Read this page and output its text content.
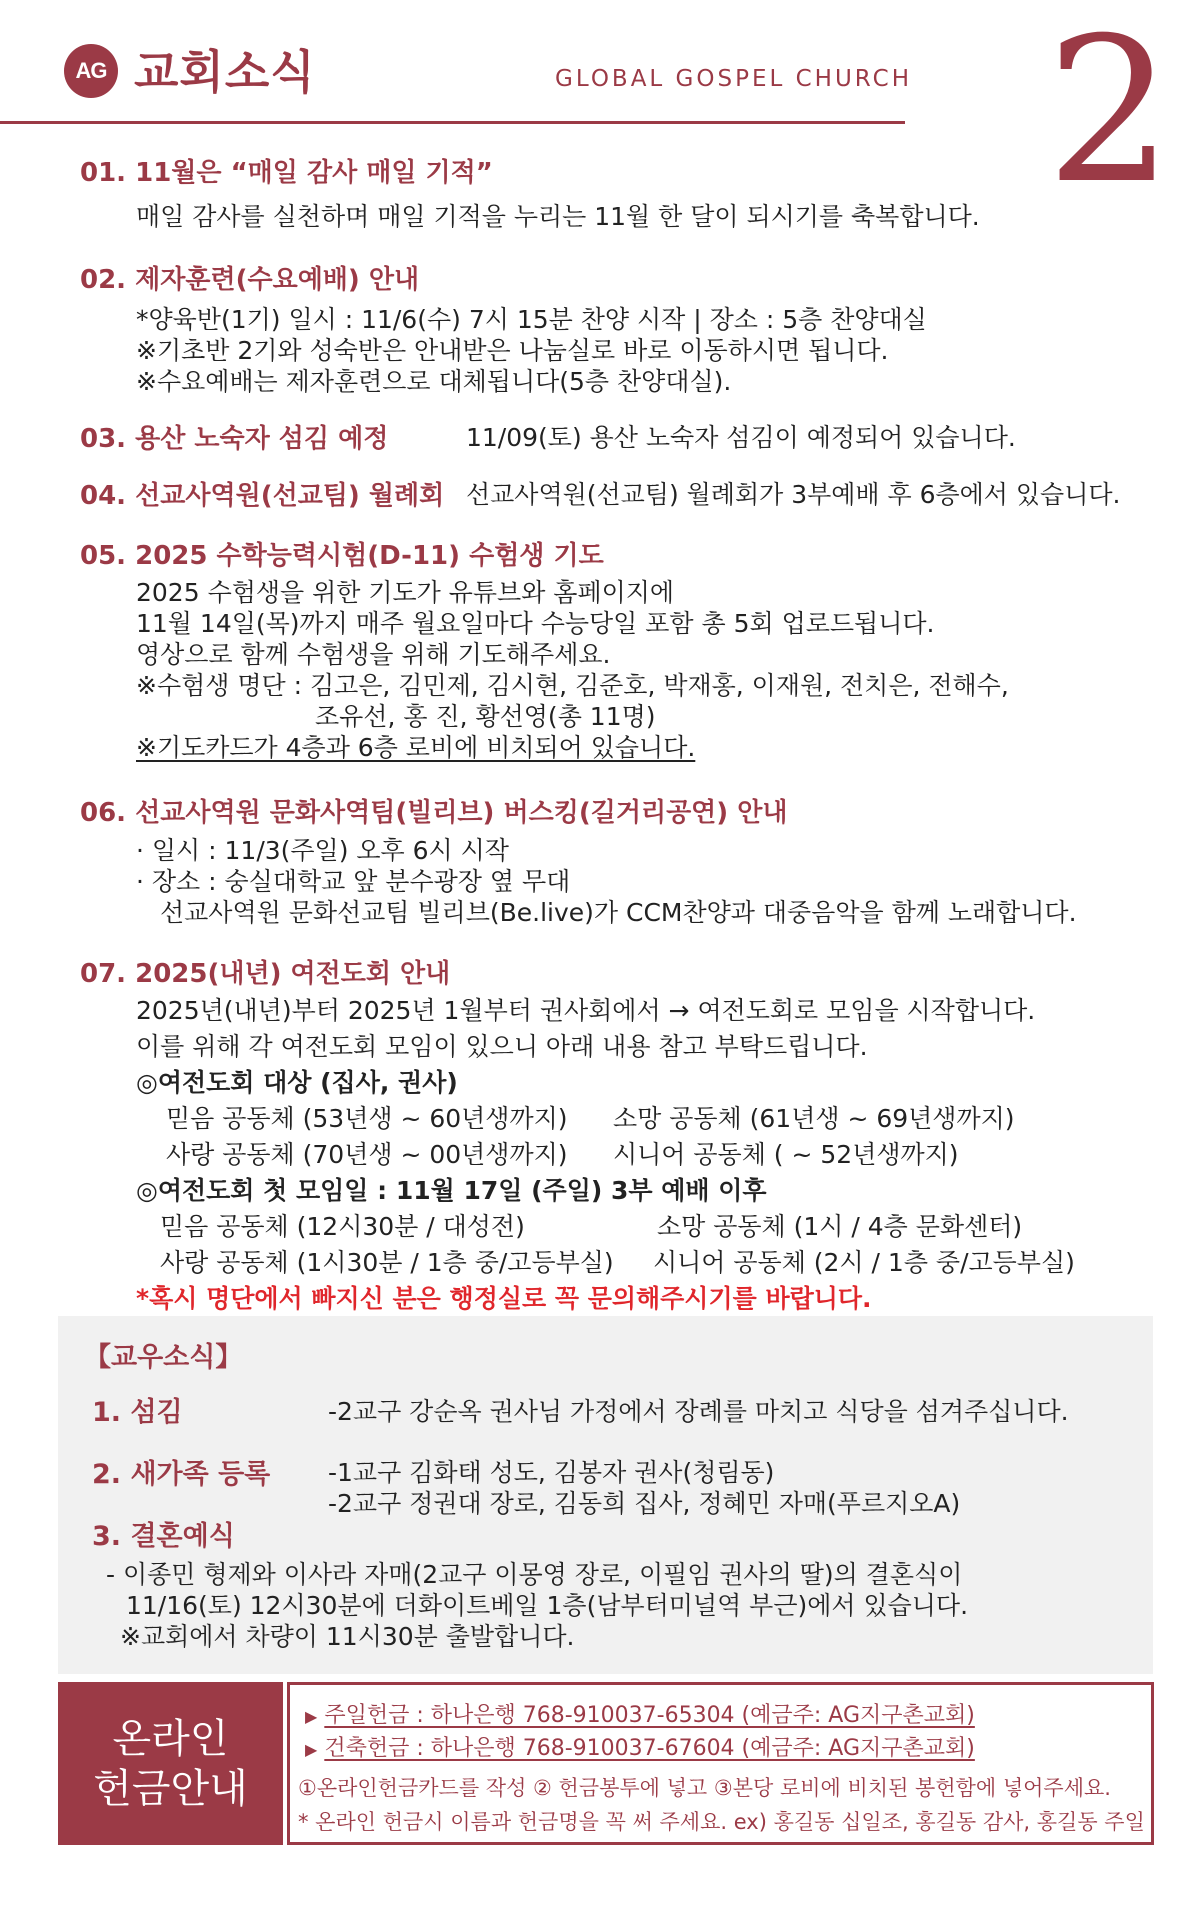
AG 교회소식	GLOBAL GOSPEL CHURCH 2
01. 11월은 “매일 감사 매일 기적”
매일 감사를 실천하며 매일 기적을 누리는 11월 한 달이 되시기를 축복합니다.
02. 제자훈련(수요예배) 안내
*양육반(1기) 일시 : 11/6(수) 7시 15분 찬양 시작 | 장소 : 5층 찬양대실
※기초반 2기와 성숙반은 안내받은 나눔실로 바로 이동하시면 됩니다.
※수요예배는 제자훈련으로 대체됩니다(5층 찬양대실).
03. 용산 노숙자 섬김 예정	11/09(토) 용산 노숙자 섬김이 예정되어 있습니다.
04. 선교사역원(선교팀) 월례회 선교사역원(선교팀) 월례회가 3부예배 후 6층에서 있습니다.
05. 2025 수학능력시험(D-11) 수험생 기도
2025 수험생을 위한 기도가 유튜브와 홈페이지에
11월 14일(목)까지 매주 월요일마다 수능당일 포함 총 5회 업로드됩니다.
영상으로 함께 수험생을 위해 기도해주세요.
※수험생 명단 : 김고은, 김민제, 김시현, 김준호, 박재홍, 이재원, 전치은, 전해수,
조유선, 홍 진, 황선영(총 11명)
※기도카드가 4층과 6층 로비에 비치되어 있습니다.
06. 선교사역원 문화사역팀(빌리브) 버스킹(길거리공연) 안내
· 일시 : 11/3(주일) 오후 6시 시작
· 장소 : 숭실대학교 앞 분수광장 옆 무대
선교사역원 문화선교팀 빌리브(Be.live)가 CCM찬양과 대중음악을 함께 노래합니다.
07. 2025(내년) 여전도회 안내
2025년(내년)부터 2025년 1월부터 권사회에서 → 여전도회로 모임을 시작합니다.
이를 위해 각 여전도회 모임이 있으니 아래 내용 참고 부탁드립니다.
◎여전도회 대상 (집사, 권사)
믿음 공동체 (53년생 ~ 60년생까지) 소망 공동체 (61년생 ~ 69년생까지)
사랑 공동체 (70년생 ~ 00년생까지) 시니어 공동체 ( ~ 52년생까지)
◎여전도회 첫 모임일 : 11월 17일 (주일) 3부 예배 이후
믿음 공동체 (12시30분 / 대성전)	소망 공동체 (1시 / 4층 문화센터)
사랑 공동체 (1시30분 / 1층 중/고등부실) 시니어 공동체 (2시 / 1층 중/고등부실)
*혹시 명단에서 빠지신 분은 행정실로 꼭 문의해주시기를 바랍니다.
【교우소식】
1. 섬김	-2교구 강순옥 권사님 가정에서 장례를 마치고 식당을 섬겨주십니다.
2. 새가족 등록 -1교구 김화태 성도, 김봉자 권사(청림동)
-2교구 정권대 장로, 김동희 집사, 정혜민 자매(푸르지오A)
3. 결혼예식
- 이종민 형제와 이사라 자매(2교구 이몽영 장로, 이필임 권사의 딸)의 결혼식이
11/16(토) 12시30분에 더화이트베일 1층(남부터미널역 부근)에서 있습니다.
※교회에서 차량이 11시30분 출발합니다.
온라인
헌금안내
▶ 주일헌금 : 하나은행 768-910037-65304 (예금주: AG지구촌교회)
▶ 건축헌금 : 하나은행 768-910037-67604 (예금주: AG지구촌교회)
①온라인헌금카드를 작성 ② 헌금봉투에 넣고 ③본당 로비에 비치된 봉헌함에 넣어주세요.
* 온라인 헌금시 이름과 헌금명을 꼭 써 주세요. ex) 홍길동 십일조, 홍길동 감사, 홍길동 주일
